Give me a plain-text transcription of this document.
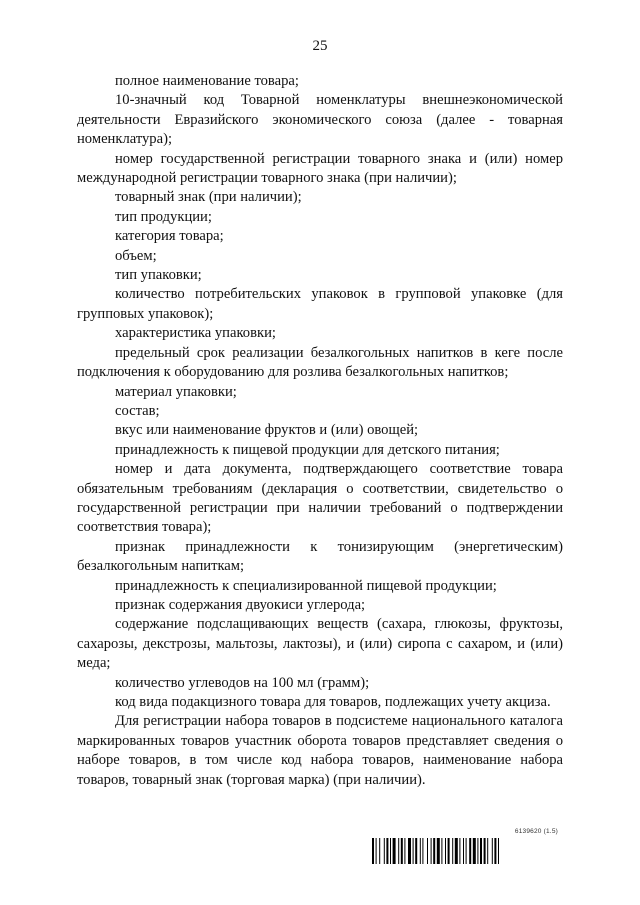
25

полное наименование товара;

10-значный код Товарной номенклатуры внешнеэкономической деятельности Евразийского экономического союза (далее - товарная номенклатура);

номер государственной регистрации товарного знака и (или) номер международной регистрации товарного знака (при наличии);

товарный знак (при наличии);

тип продукции;

категория товара;

объем;

тип упаковки;

количество потребительских упаковок в групповой упаковке (для групповых упаковок);

характеристика упаковки;

предельный срок реализации безалкогольных напитков в кеге после подключения к оборудованию для розлива безалкогольных напитков;

материал упаковки;

состав;

вкус или наименование фруктов и (или) овощей;

принадлежность к пищевой продукции для детского питания;

номер и дата документа, подтверждающего соответствие товара обязательным требованиям (декларация о соответствии, свидетельство о государственной регистрации при наличии требований о подтверждении соответствия товара);

признак принадлежности к тонизирующим (энергетическим) безалкогольным напиткам;

принадлежность к специализированной пищевой продукции;

признак содержания двуокиси углерода;

содержание подслащивающих веществ (сахара, глюкозы, фруктозы, сахарозы, декстрозы, мальтозы, лактозы), и (или) сиропа с сахаром, и (или) меда;

количество углеводов на 100 мл (грамм);

код вида подакцизного товара для товаров, подлежащих учету акциза.

Для регистрации набора товаров в подсистеме национального каталога маркированных товаров участник оборота товаров представляет сведения о наборе товаров, в том числе код набора товаров, наименование набора товаров, товарный знак (торговая марка) (при наличии).

6139620 (1.5)
